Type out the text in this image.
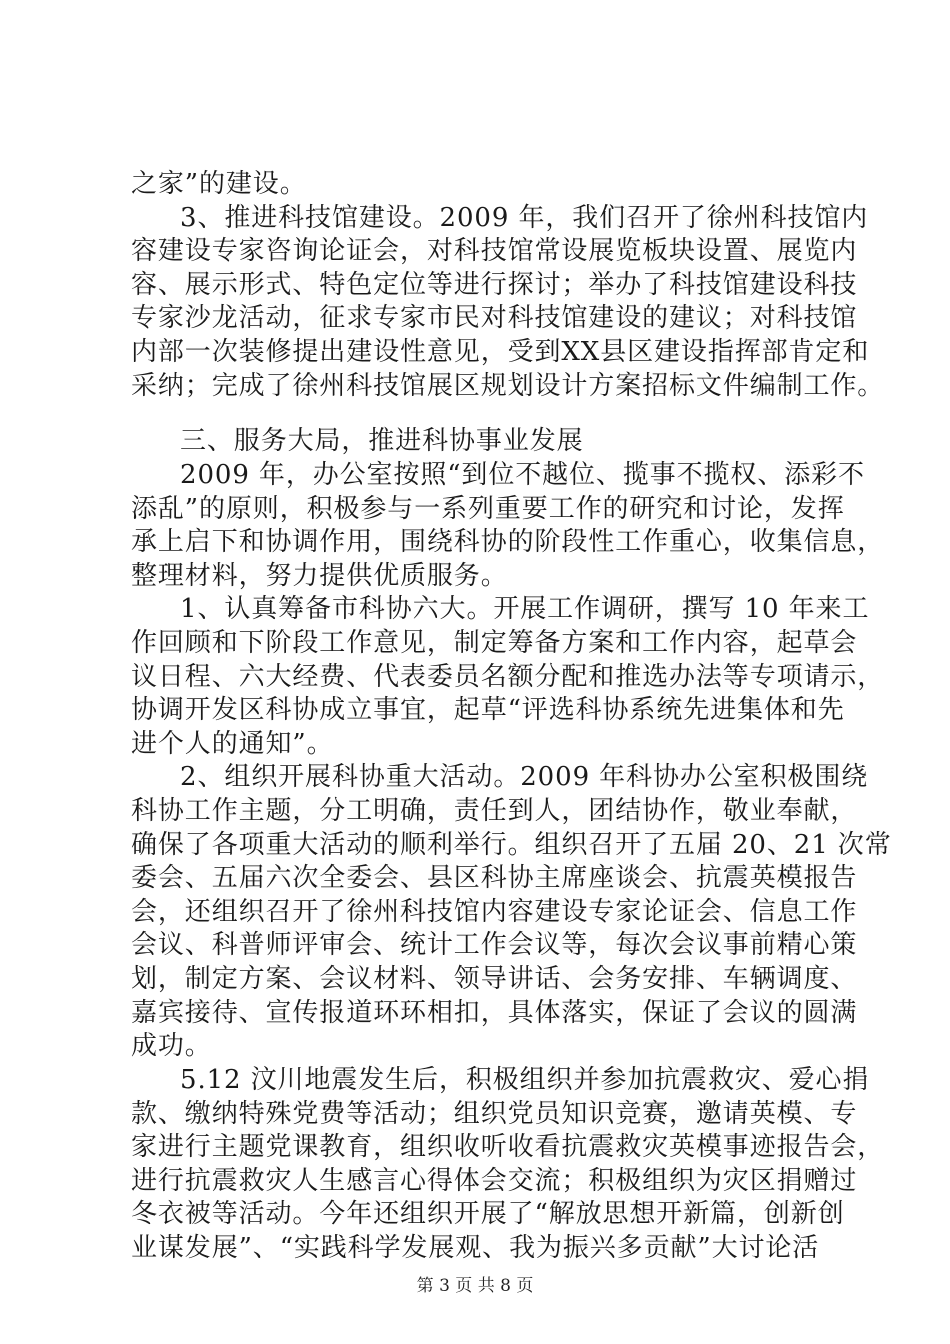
之家”的建设。
3、推进科技馆建设。2009 年，我们召开了徐州科技馆内
容建设专家咨询论证会，对科技馆常设展览板块设置、展览内
容、展示形式、特色定位等进行探讨；举办了科技馆建设科技
专家沙龙活动，征求专家市民对科技馆建设的建议；对科技馆
内部一次装修提出建设性意见，受到XX县区建设指挥部肯定和
采纳；完成了徐州科技馆展区规划设计方案招标文件编制工作。
三、服务大局，推进科协事业发展
2009 年，办公室按照“到位不越位、揽事不揽权、添彩不
添乱”的原则，积极参与一系列重要工作的研究和讨论，发挥
承上启下和协调作用，围绕科协的阶段性工作重心，收集信息，
整理材料，努力提供优质服务。
1、认真筹备市科协六大。开展工作调研，撰写 10 年来工
作回顾和下阶段工作意见，制定筹备方案和工作内容，起草会
议日程、六大经费、代表委员名额分配和推选办法等专项请示，
协调开发区科协成立事宜，起草“评选科协系统先进集体和先
进个人的通知”。
2、组织开展科协重大活动。2009 年科协办公室积极围绕
科协工作主题，分工明确，责任到人，团结协作，敬业奉献，
确保了各项重大活动的顺利举行。组织召开了五届 20、21 次常
委会、五届六次全委会、县区科协主席座谈会、抗震英模报告
会，还组织召开了徐州科技馆内容建设专家论证会、信息工作
会议、科普师评审会、统计工作会议等，每次会议事前精心策
划，制定方案、会议材料、领导讲话、会务安排、车辆调度、
嘉宾接待、宣传报道环环相扣，具体落实，保证了会议的圆满
成功。
5.12 汶川地震发生后，积极组织并参加抗震救灾、爱心捐
款、缴纳特殊党费等活动；组织党员知识竞赛，邀请英模、专
家进行主题党课教育，组织收听收看抗震救灾英模事迹报告会，
进行抗震救灾人生感言心得体会交流；积极组织为灾区捐赠过
冬衣被等活动。今年还组织开展了“解放思想开新篇，创新创
业谋发展”、“实践科学发展观、我为振兴多贡献”大讨论活
第 3 页 共 8 页
